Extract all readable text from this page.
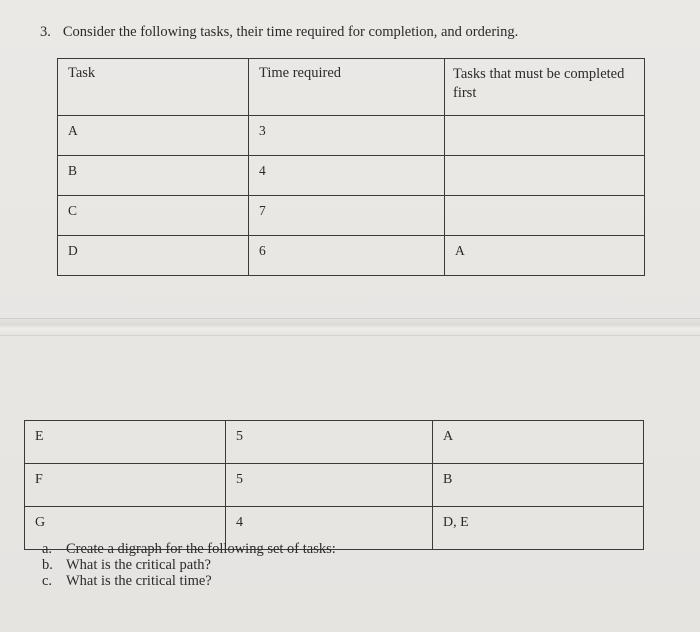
3. Consider the following tasks, their time required for completion, and ordering.
Task	Time required	Tasks that must be completed first
A	3	
B	4	
C	7	
D	6	A
E	5	A
F	5	B
G	4	D, E
a. Create a digraph for the following set of tasks:
b. What is the critical path?
c. What is the critical time?
